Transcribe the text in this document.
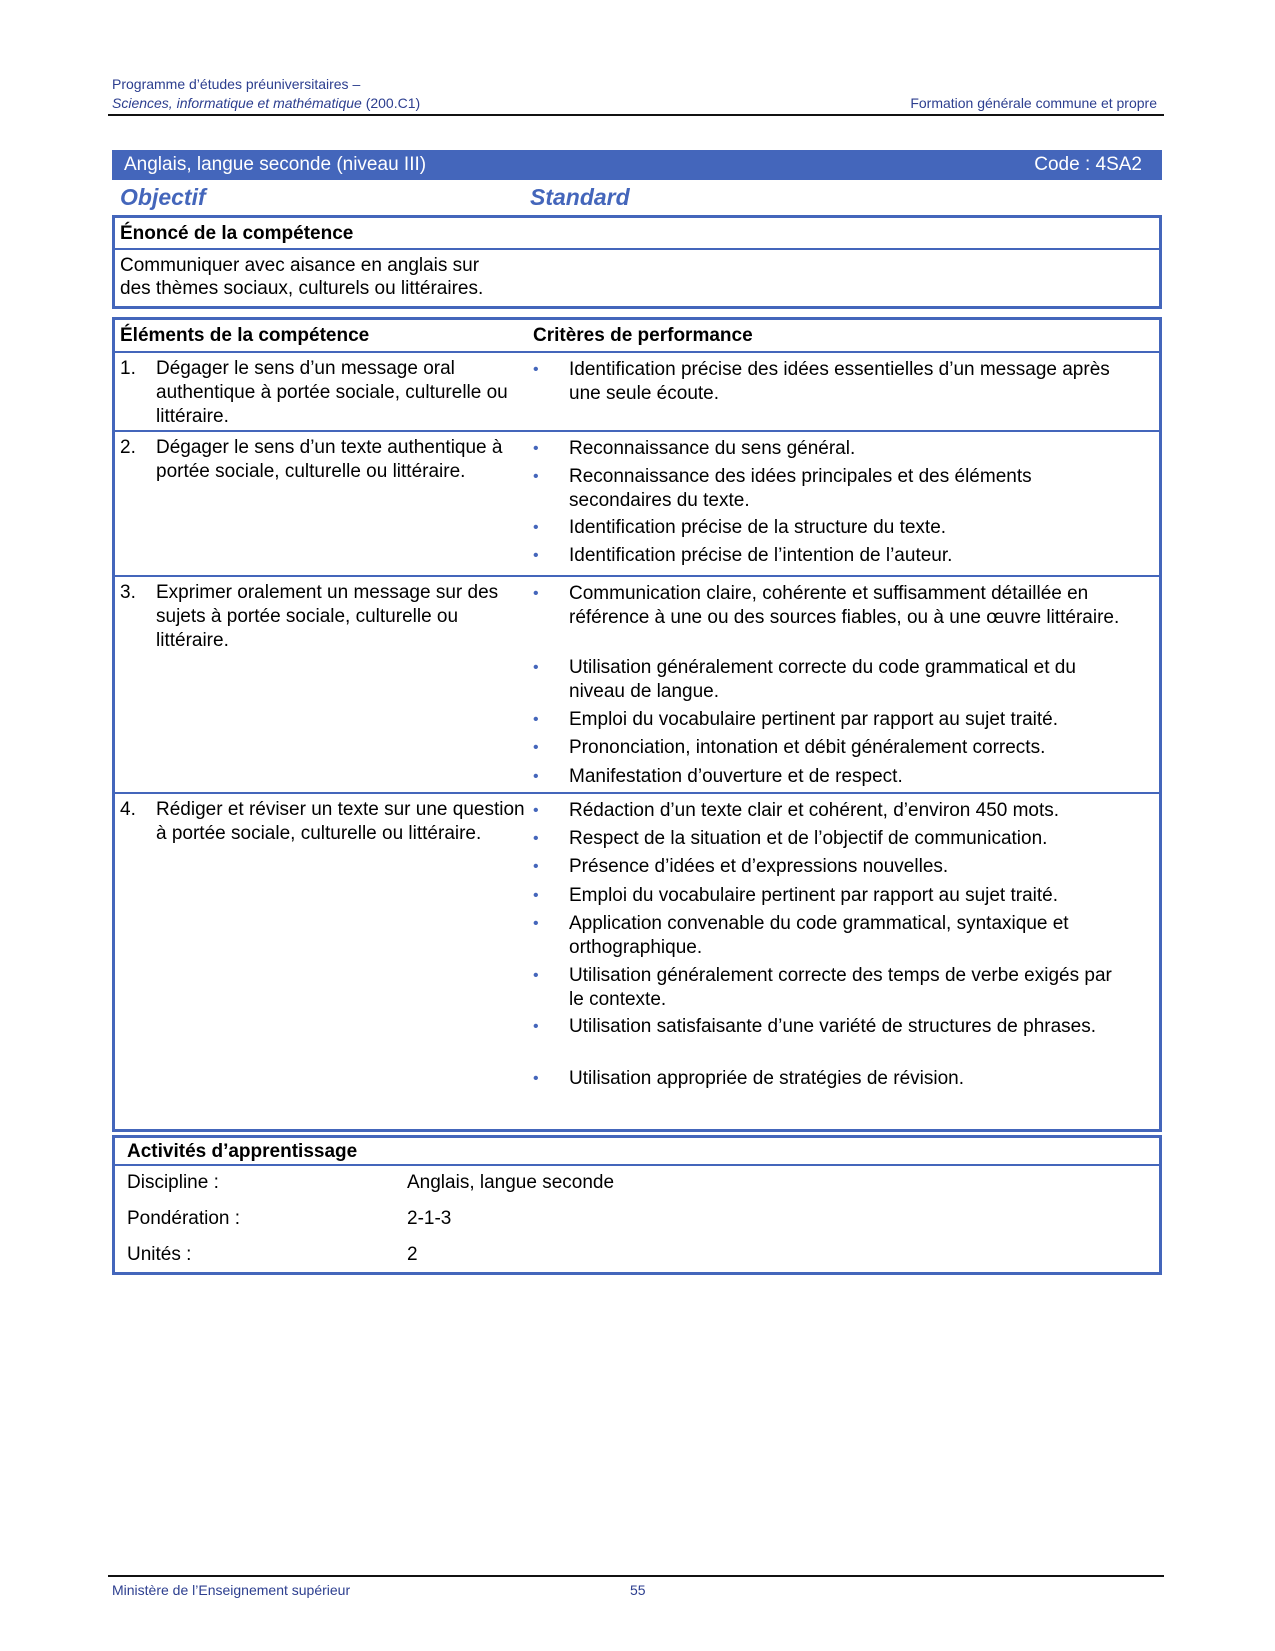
Programme d’études préuniversitaires –
Sciences, informatique et mathématique (200.C1)	Formation générale commune et propre
Anglais, langue seconde (niveau III)	Code : 4SA2
Objectif	Standard
Énoncé de la compétence
Communiquer avec aisance en anglais sur
des thèmes sociaux, culturels ou littéraires.
Éléments de la compétence	Critères de performance
1. Dégager le sens d’un message oral authentique à portée sociale, culturelle ou littéraire.
• Identification précise des idées essentielles d’un message après une seule écoute.
2. Dégager le sens d’un texte authentique à portée sociale, culturelle ou littéraire.
• Reconnaissance du sens général.
• Reconnaissance des idées principales et des éléments secondaires du texte.
• Identification précise de la structure du texte.
• Identification précise de l’intention de l’auteur.
3. Exprimer oralement un message sur des sujets à portée sociale, culturelle ou littéraire.
• Communication claire, cohérente et suffisamment détaillée en référence à une ou des sources fiables, ou à une œuvre littéraire.
• Utilisation généralement correcte du code grammatical et du niveau de langue.
• Emploi du vocabulaire pertinent par rapport au sujet traité.
• Prononciation, intonation et débit généralement corrects.
• Manifestation d’ouverture et de respect.
4. Rédiger et réviser un texte sur une question à portée sociale, culturelle ou littéraire.
• Rédaction d’un texte clair et cohérent, d’environ 450 mots.
• Respect de la situation et de l’objectif de communication.
• Présence d’idées et d’expressions nouvelles.
• Emploi du vocabulaire pertinent par rapport au sujet traité.
• Application convenable du code grammatical, syntaxique et orthographique.
• Utilisation généralement correcte des temps de verbe exigés par le contexte.
• Utilisation satisfaisante d’une variété de structures de phrases.
• Utilisation appropriée de stratégies de révision.
Activités d’apprentissage
Discipline :	Anglais, langue seconde
Pondération :	2-1-3
Unités :	2
Ministère de l’Enseignement supérieur	55
